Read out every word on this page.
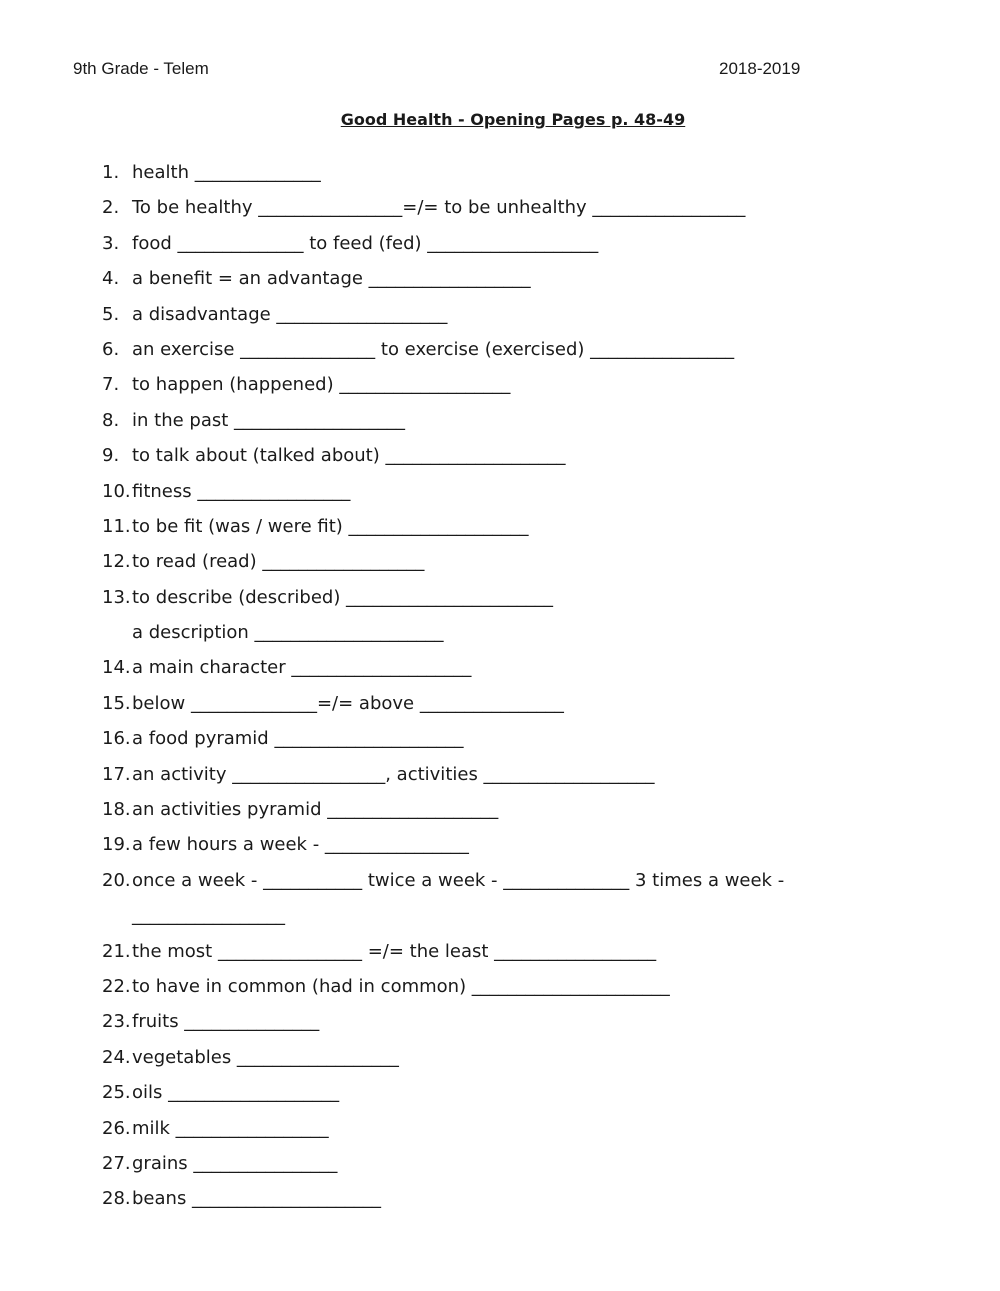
9th Grade - Telem	2018-2019
Good Health - Opening Pages p. 48-49
1. health ______________
2. To be healthy ________________=/= to be unhealthy _________________
3. food ______________ to feed (fed) ___________________
4. a benefit = an advantage __________________
5. a disadvantage ___________________
6. an exercise _______________ to exercise (exercised) ________________
7. to happen (happened) ___________________
8. in the past ___________________
9. to talk about (talked about) ____________________
10. fitness _________________
11. to be fit (was / were fit) ____________________
12. to read (read) __________________
13. to describe (described) _______________________
a description _____________________
14. a main character ____________________
15. below ______________=/= above ________________
16. a food pyramid _____________________
17. an activity _________________, activities ___________________
18. an activities pyramid ___________________
19. a few hours a week - ________________
20. once a week - ___________ twice a week - ______________ 3 times a week -
_________________
21. the most ________________ =/= the least __________________
22. to have in common (had in common) ______________________
23. fruits _______________
24. vegetables __________________
25. oils ___________________
26. milk _________________
27. grains ________________
28. beans _____________________
